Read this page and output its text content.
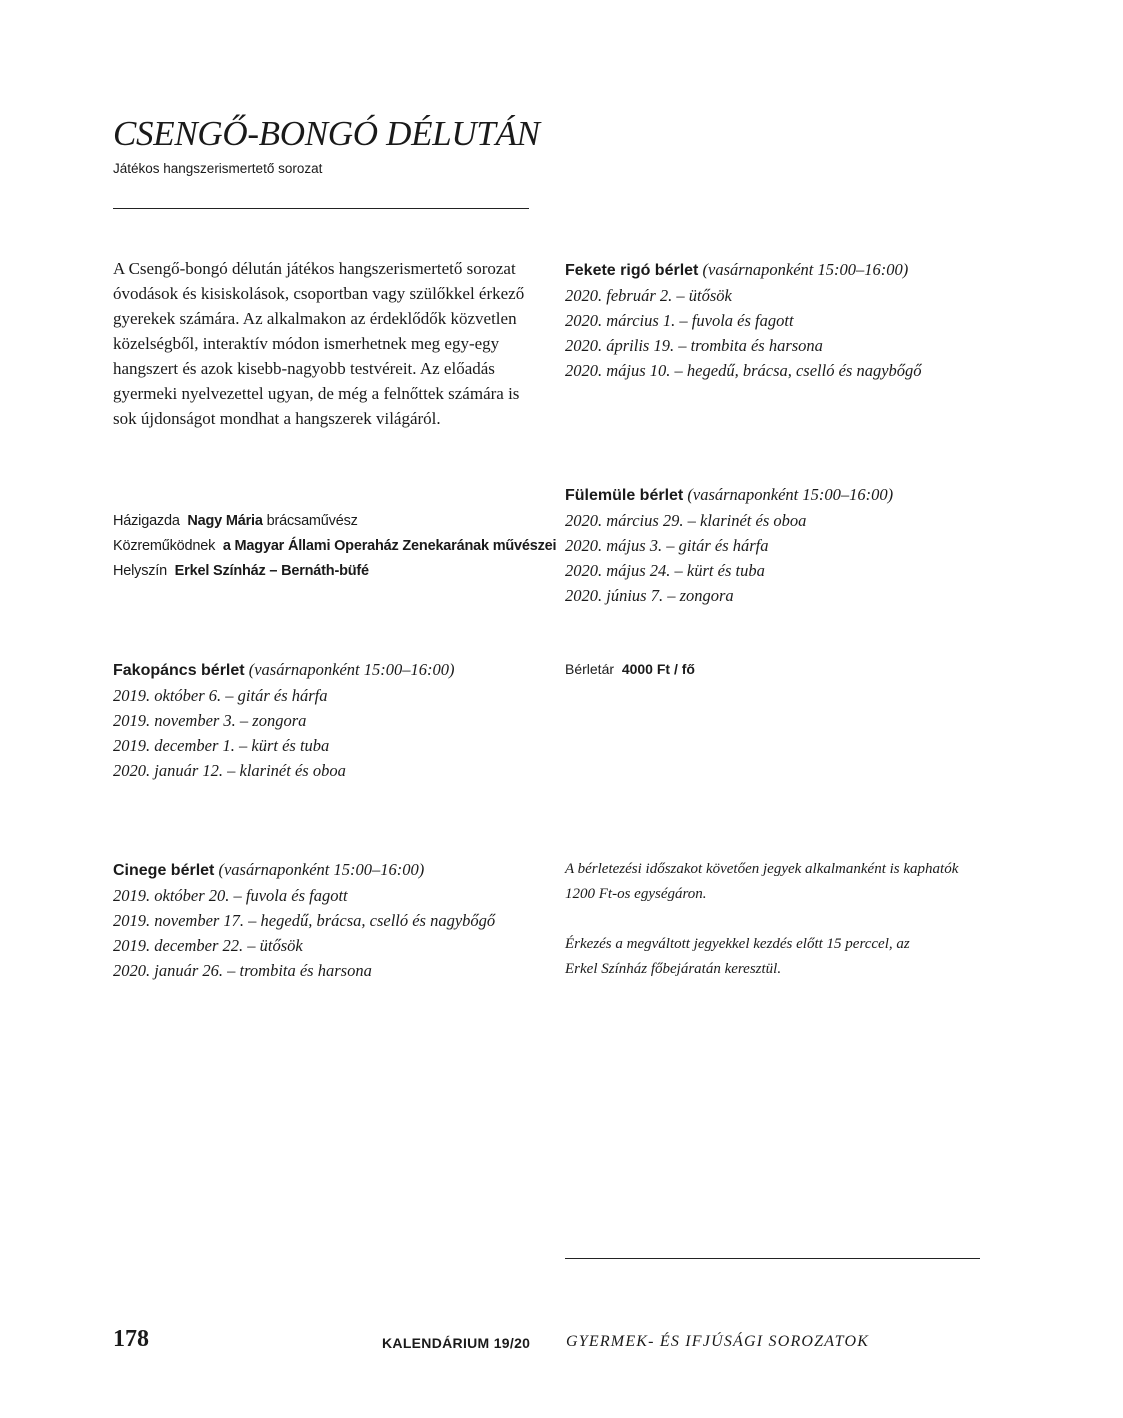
CSENGŐ-BONGÓ DÉLUTÁN
Játékos hangszerismertető sorozat
A Csengő-bongó délután játékos hangszerismertető sorozat óvodások és kisiskolások, csoportban vagy szülőkkel érkező gyerekek számára. Az alkalmakon az érdeklődők közvetlen közelségből, interaktív módon ismerhetnek meg egy-egy hangszert és azok kisebb-nagyobb testvéreit. Az előadás gyermeki nyelvezettel ugyan, de még a felnőttek számára is sok újdonságot mondhat a hangszerek világáról.
Házigazda Nagy Mária brácsaművész
Közreműködnek a Magyar Állami Operaház Zenekarának művészei
Helyszín Erkel Színház – Bernáth-büfé
Fakopáncs bérlet (vasárnaponként 15:00–16:00)
2019. október 6. – gitár és hárfa
2019. november 3. – zongora
2019. december 1. – kürt és tuba
2020. január 12. – klarinét és oboa
Cinege bérlet (vasárnaponként 15:00–16:00)
2019. október 20. – fuvola és fagott
2019. november 17. – hegedű, brácsa, cselló és nagybőgő
2019. december 22. – ütősök
2020. január 26. – trombita és harsona
Fekete rigó bérlet (vasárnaponként 15:00–16:00)
2020. február 2. – ütősök
2020. március 1. – fuvola és fagott
2020. április 19. – trombita és harsona
2020. május 10. – hegedű, brácsa, cselló és nagybőgő
Fülemüle bérlet (vasárnaponként 15:00–16:00)
2020. március 29. – klarinét és oboa
2020. május 3. – gitár és hárfa
2020. május 24. – kürt és tuba
2020. június 7. – zongora
Bérletár 4000 Ft / fő
A bérletezési időszakot követően jegyek alkalmanként is kaphatók 1200 Ft-os egységáron.
Érkezés a megváltott jegyekkel kezdés előtt 15 perccel, az Erkel Színház főbejáratán keresztül.
178	KALENDÁRIUM 19/20 GYERMEK- ÉS IFJÚSÁGI SOROZATOK
